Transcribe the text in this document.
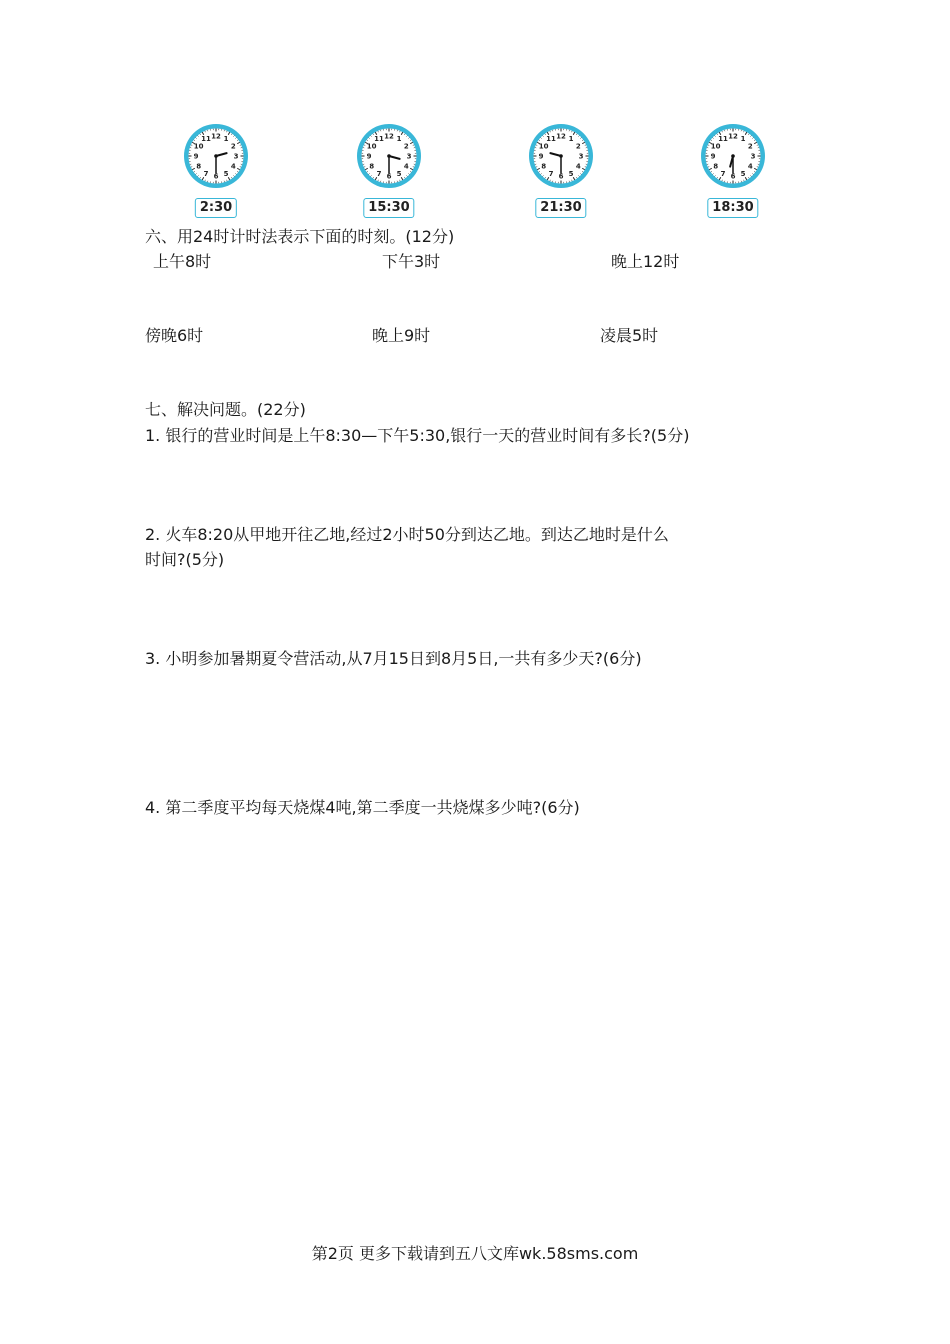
1
2
3
4
5
6
7
8
9
10
11 12
2:30
1
2
3
4
5
6
7
8
9
10
11 12
15:30
1
2
3
4
5
6
7
8
9
10
11 12
21:30
1
2
3
4
5
6
7
8
9
10
11 12
18:30
六、用24时计时法表示下面的时刻。(12分)
上午8时	下午3时	晚上12时
傍晚6时	晚上9时	凌晨5时
七、解决问题。(22分)
1. 银行的营业时间是上午8:30—下午5:30,银行一天的营业时间有多长?(5分)
2. 火车8:20从甲地开往乙地,经过2小时50分到达乙地。到达乙地时是什么
时间?(5分)
3. 小明参加暑期夏令营活动,从7月15日到8月5日,一共有多少天?(6分)
4. 第二季度平均每天烧煤4吨,第二季度一共烧煤多少吨?(6分)
第2页 更多下载请到五八文库wk.58sms.com
